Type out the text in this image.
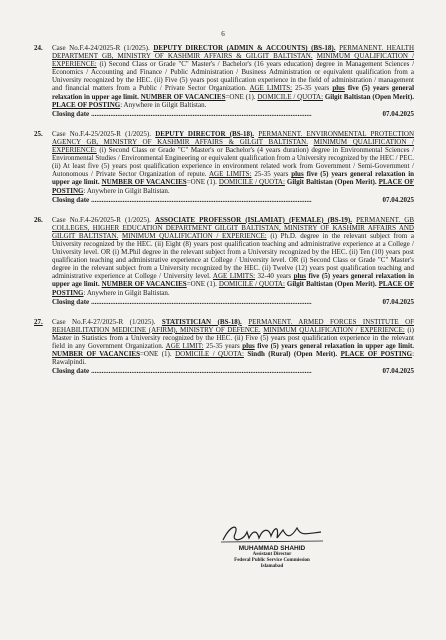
6
24. Case No.F.4-24/2025-R (1/2025). DEPUTY DIRECTOR (ADMIN & ACCOUNTS) (BS-18). PERMANENT. HEALTH DEPARTMENT GB, MINISTRY OF KASHMIR AFFAIRS & GILGIT BALTISTAN. MINIMUM QUALIFICATION / EXPERIENCE: (i) Second Class or Grade "C" Master's / Bachelor's (16 years education) degree in Management Sciences / Economics / Accounting and Finance / Public Administration / Business Administration or equivalent qualification from a University recognized by the HEC. (ii) Five (5) years post qualification experience in the field of administration / management and financial matters from a Public / Private Sector Organization. AGE LIMITS: 25-35 years plus five (5) years general relaxation in upper age limit. NUMBER OF VACANCIES=ONE (1). DOMICILE / QUOTA: Gilgit Baltistan (Open Merit). PLACE OF POSTING: Anywhere in Gilgit Baltistan.
Closing date ..............................................................................................................................	07.04.2025
25. Case No.F.4-25/2025-R (1/2025). DEPUTY DIRECTOR (BS-18). PERMANENT. ENVIRONMENTAL PROTECTION AGENCY GB, MINISTRY OF KASHMIR AFFAIRS & GILGIT BALTISTAN. MINIMUM QUALIFICATION / EXPERIENCE: (i) Second Class or Grade "C" Master's or Bachelor's (4 years duration) degree in Environmental Sciences / Environmental Studies / Environmental Engineering or equivalent qualification from a University recognized by the HEC / PEC. (ii) At least five (5) years post qualification experience in environment related work from Government / Semi-Government / Autonomous / Private Sector Organization of repute. AGE LIMITS: 25-35 years plus five (5) years general relaxation in upper age limit. NUMBER OF VACANCIES=ONE (1). DOMICILE / QUOTA: Gilgit Baltistan (Open Merit). PLACE OF POSTING: Anywhere in Gilgit Baltistan.
Closing date ..............................................................................................................................	07.04.2025
26. Case No.F.4-26/2025-R (1/2025). ASSOCIATE PROFESSOR (ISLAMIAT) (FEMALE) (BS-19). PERMANENT. GB COLLEGES, HIGHER EDUCATION DEPARTMENT GILGIT BALTISTAN, MINISTRY OF KASHMIR AFFAIRS AND GILGIT BALTISTAN. MINIMUM QUALIFICATION / EXPERIENCE: (i) Ph.D. degree in the relevant subject from a University recognized by the HEC. (ii) Eight (8) years post qualification teaching and administrative experience at a College / University level. OR (i) M.Phil degree in the relevant subject from a University recognized by the HEC. (ii) Ten (10) years post qualification teaching and administrative experience at College / University level. OR (i) Second Class or Grade "C" Master's degree in the relevant subject from a University recognized by the HEC. (ii) Twelve (12) years post qualification teaching and administrative experience at College / University level. AGE LIMITS: 32-40 years plus five (5) years general relaxation in upper age limit. NUMBER OF VACANCIES=ONE (1). DOMICILE / QUOTA: Gilgit Baltistan (Open Merit). PLACE OF POSTING: Anywhere in Gilgit Baltistan.
Closing date ..............................................................................................................................	07.04.2025
27. Case No.F.4-27/2025-R (1/2025). STATISTICIAN (BS-18). PERMANENT. ARMED FORCES INSTITUTE OF REHABILITATION MEDICINE (AFIRM), MINISTRY OF DEFENCE. MINIMUM QUALIFICATION / EXPERIENCE: (i) Master in Statistics from a University recognized by the HEC. (ii) Five (5) years post qualification experience in the relevant field in any Government Organization. AGE LIMIT: 25-35 years plus five (5) years general relaxation in upper age limit. NUMBER OF VACANCIES=ONE (1). DOMICILE / QUOTA: Sindh (Rural) (Open Merit). PLACE OF POSTING: Rawalpindi.
Closing date ..............................................................................................................................	07.04.2025
MUHAMMAD SHAHID
Assistant Director
Federal Public Service Commission
Islamabad
